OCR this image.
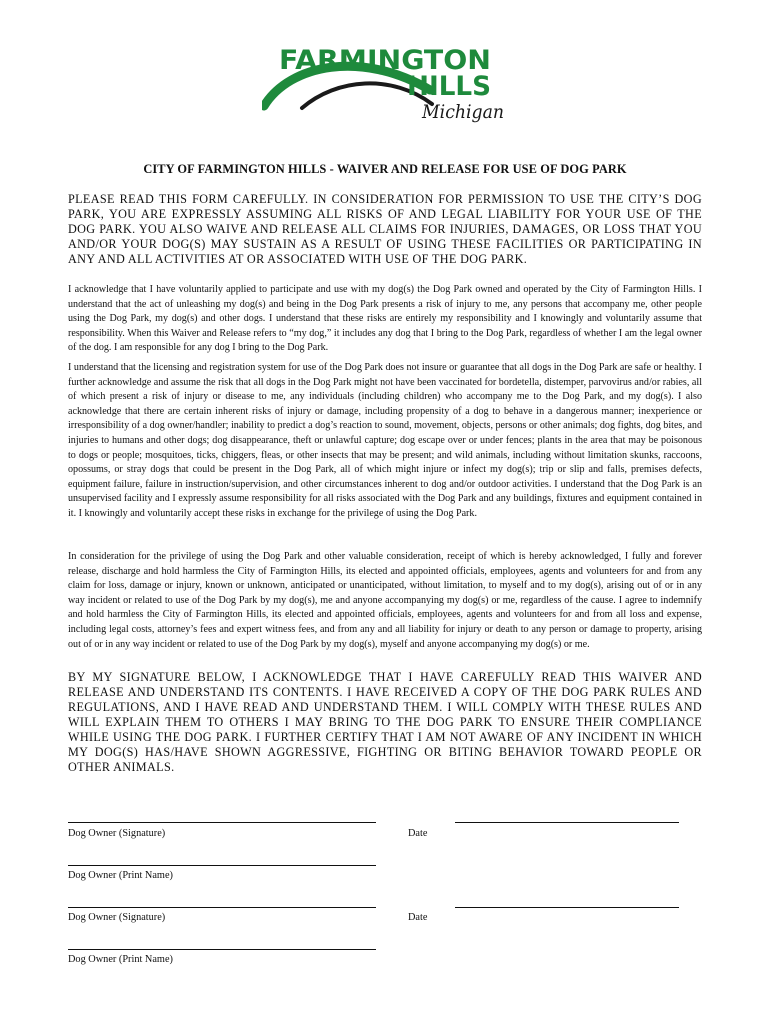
FARMINGTON
HILLS
Michigan
CITY OF FARMINGTON HILLS - WAIVER AND RELEASE FOR USE OF DOG PARK

PLEASE READ THIS FORM CAREFULLY. IN CONSIDERATION FOR PERMISSION TO USE THE CITY’S DOG PARK, YOU ARE EXPRESSLY ASSUMING ALL RISKS OF AND LEGAL LIABILITY FOR YOUR USE OF THE DOG PARK. YOU ALSO WAIVE AND RELEASE ALL CLAIMS FOR INJURIES, DAMAGES, OR LOSS THAT YOU AND/OR YOUR DOG(S) MAY SUSTAIN AS A RESULT OF USING THESE FACILITIES OR PARTICIPATING IN ANY AND ALL ACTIVITIES AT OR ASSOCIATED WITH USE OF THE DOG PARK.

I acknowledge that I have voluntarily applied to participate and use with my dog(s) the Dog Park owned and operated by the City of Farmington Hills. I understand that the act of unleashing my dog(s) and being in the Dog Park presents a risk of injury to me, any persons that accompany me, other people using the Dog Park, my dog(s) and other dogs. I understand that these risks are entirely my responsibility and I knowingly and voluntarily assume that responsibility. When this Waiver and Release refers to “my dog,” it includes any dog that I bring to the Dog Park, regardless of whether I am the legal owner of the dog. I am responsible for any dog I bring to the Dog Park.

I understand that the licensing and registration system for use of the Dog Park does not insure or guarantee that all dogs in the Dog Park are safe or healthy. I further acknowledge and assume the risk that all dogs in the Dog Park might not have been vaccinated for bordetella, distemper, parvovirus and/or rabies, all of which present a risk of injury or disease to me, any individuals (including children) who accompany me to the Dog Park, and my dog(s). I also acknowledge that there are certain inherent risks of injury or damage, including propensity of a dog to behave in a dangerous manner; inexperience or irresponsibility of a dog owner/handler; inability to predict a dog’s reaction to sound, movement, objects, persons or other animals; dog fights, dog bites, and injuries to humans and other dogs; dog disappearance, theft or unlawful capture; dog escape over or under fences; plants in the area that may be poisonous to dogs or people; mosquitoes, ticks, chiggers, fleas, or other insects that may be present; and wild animals, including without limitation skunks, raccoons, opossums, or stray dogs that could be present in the Dog Park, all of which might injure or infect my dog(s); trip or slip and falls, premises defects, equipment failure, failure in instruction/supervision, and other circumstances inherent to dog and/or outdoor activities. I understand that the Dog Park is an unsupervised facility and I expressly assume responsibility for all risks associated with the Dog Park and any buildings, fixtures and equipment contained in it. I knowingly and voluntarily accept these risks in exchange for the privilege of using the Dog Park.

In consideration for the privilege of using the Dog Park and other valuable consideration, receipt of which is hereby acknowledged, I fully and forever release, discharge and hold harmless the City of Farmington Hills, its elected and appointed officials, employees, agents and volunteers for and from any claim for loss, damage or injury, known or unknown, anticipated or unanticipated, without limitation, to myself and to my dog(s), arising out of or in any way incident or related to use of the Dog Park by my dog(s), me and anyone accompanying my dog(s) or me, regardless of the cause. I agree to indemnify and hold harmless the City of Farmington Hills, its elected and appointed officials, employees, agents and volunteers for and from all loss and expense, including legal costs, attorney’s fees and expert witness fees, and from any and all liability for injury or death to any person or damage to property, arising out of or in any way incident or related to use of the Dog Park by my dog(s), myself and anyone accompanying my dog(s) or me.

BY MY SIGNATURE BELOW, I ACKNOWLEDGE THAT I HAVE CAREFULLY READ THIS WAIVER AND RELEASE AND UNDERSTAND ITS CONTENTS. I HAVE RECEIVED A COPY OF THE DOG PARK RULES AND REGULATIONS, AND I HAVE READ AND UNDERSTAND THEM. I WILL COMPLY WITH THESE RULES AND WILL EXPLAIN THEM TO OTHERS I MAY BRING TO THE DOG PARK TO ENSURE THEIR COMPLIANCE WHILE USING THE DOG PARK. I FURTHER CERTIFY THAT I AM NOT AWARE OF ANY INCIDENT IN WHICH MY DOG(S) HAS/HAVE SHOWN AGGRESSIVE, FIGHTING OR BITING BEHAVIOR TOWARD PEOPLE OR OTHER ANIMALS.

Dog Owner (Signature)	Date
Dog Owner (Print Name)
Dog Owner (Signature)	Date
Dog Owner (Print Name)
